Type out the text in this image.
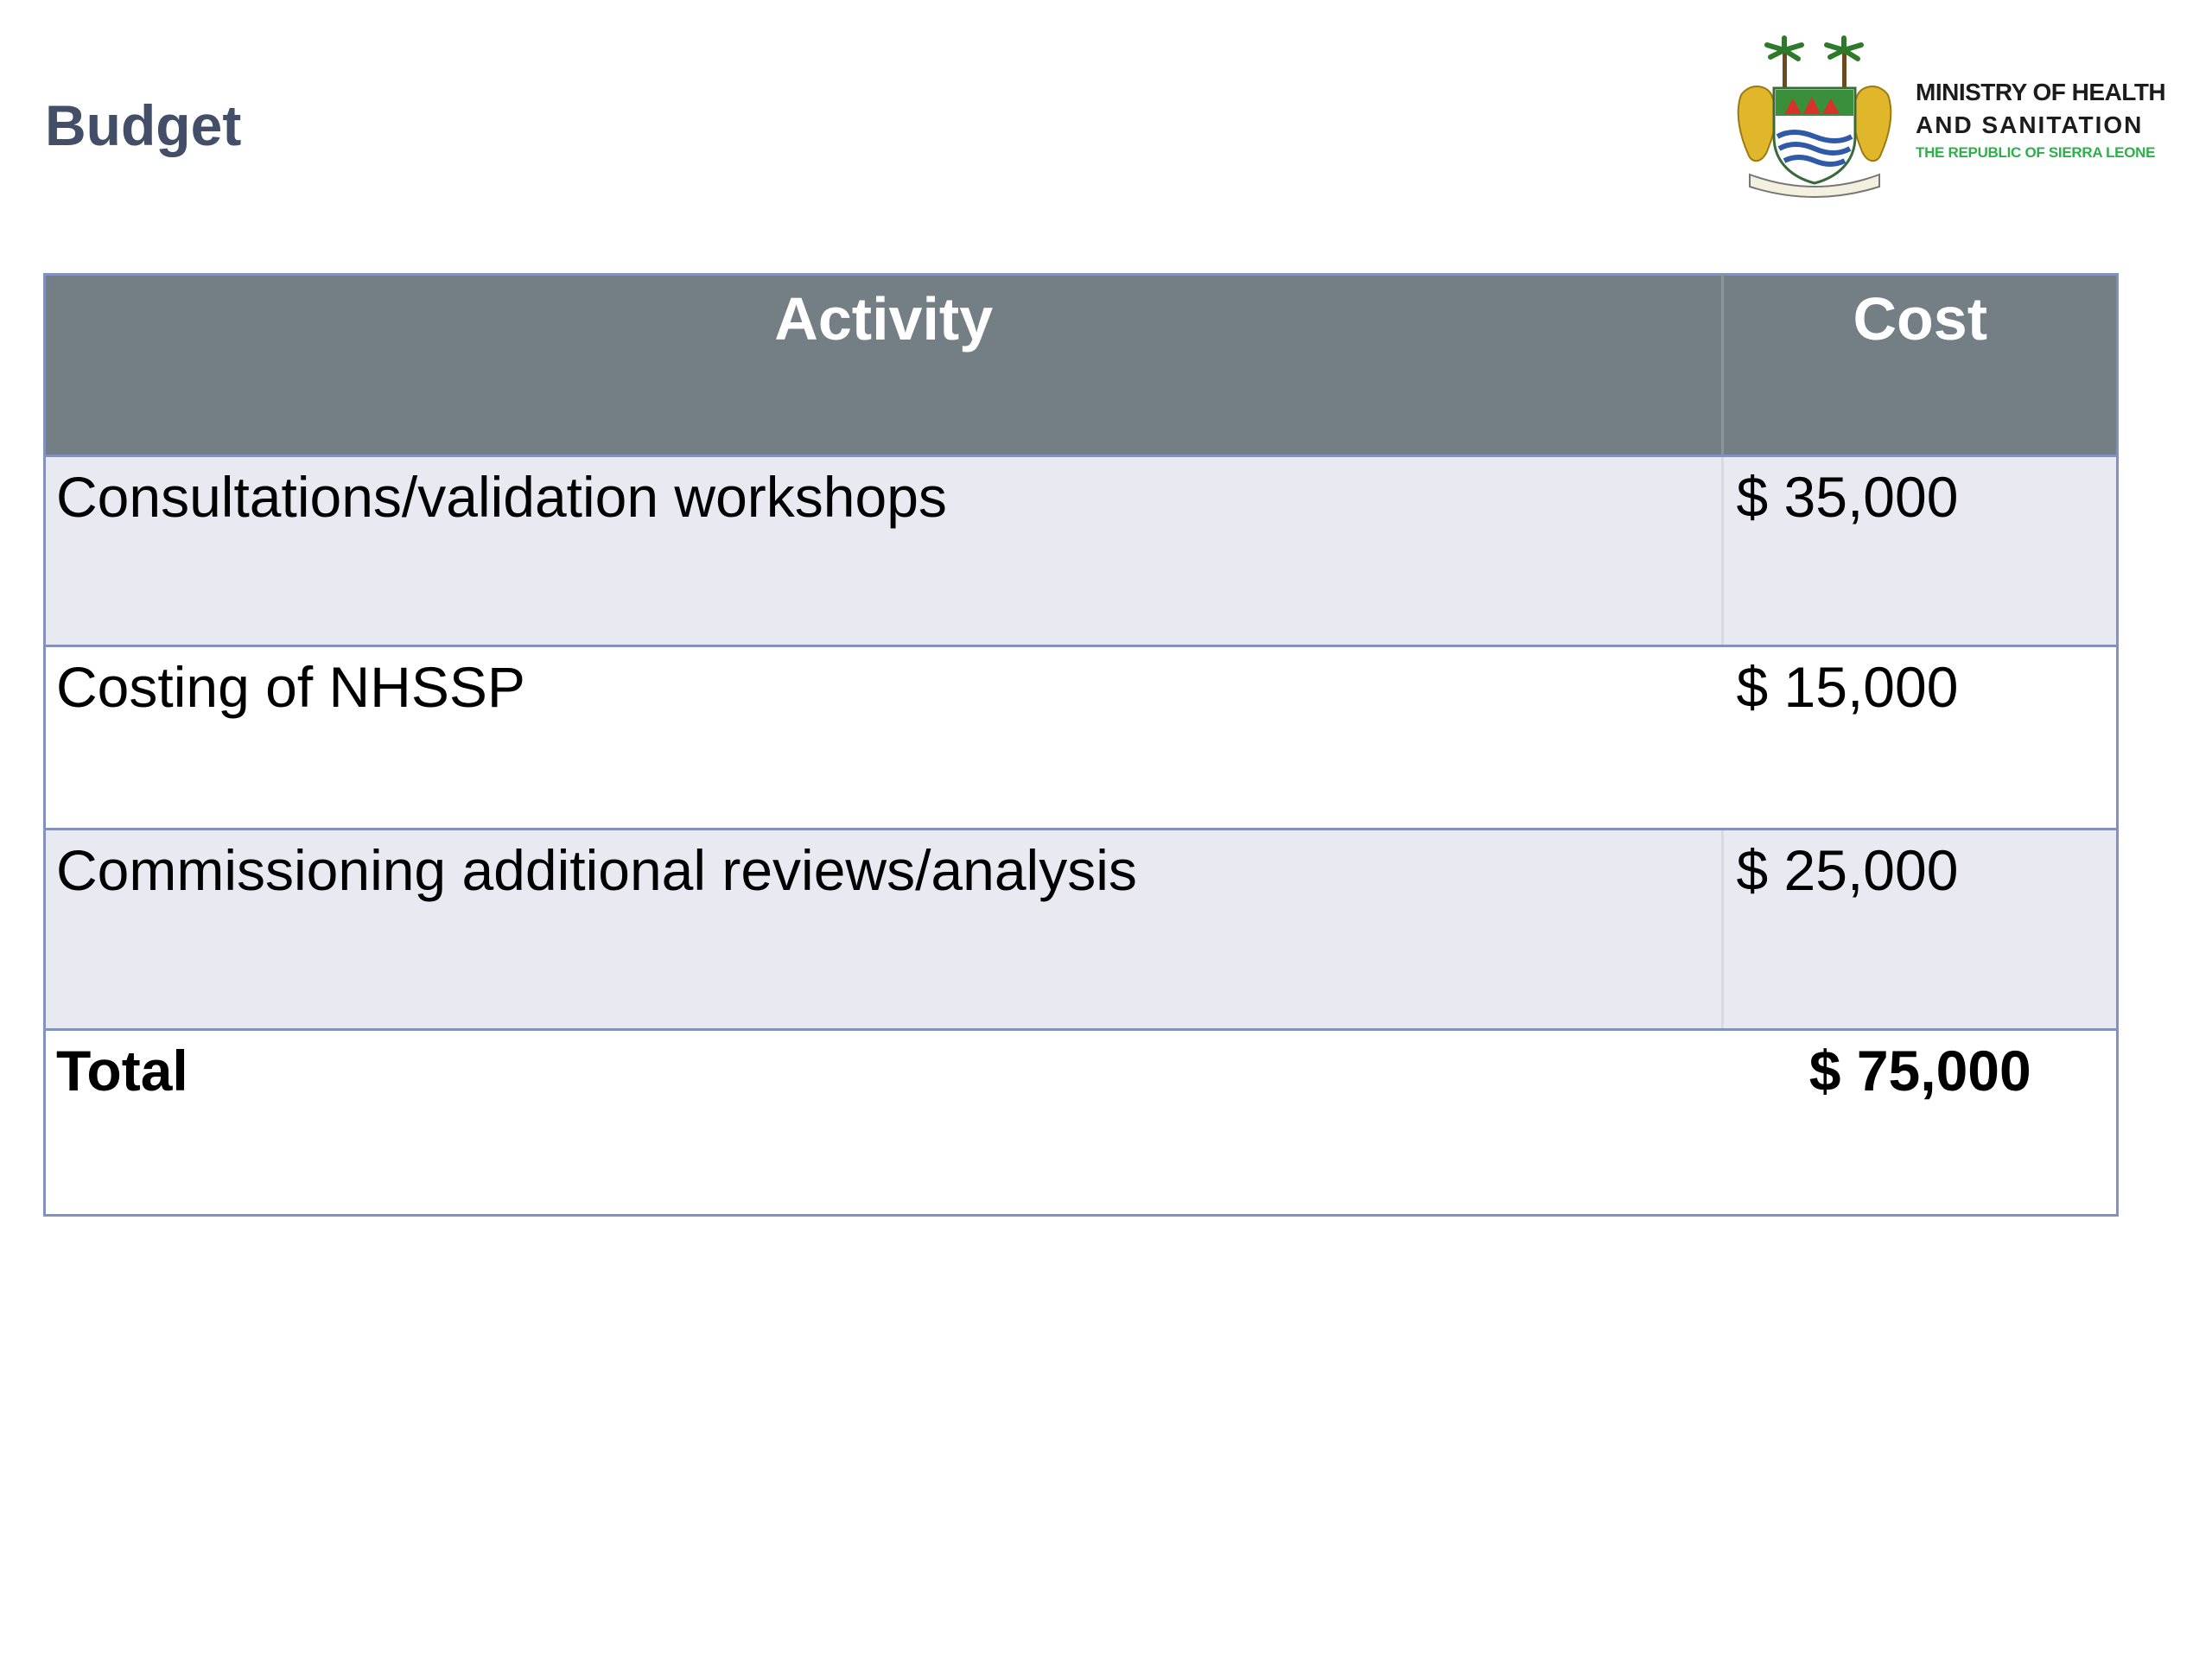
Budget
MINISTRY OF HEALTH
AND SANITATION
THE REPUBLIC OF SIERRA LEONE
Activity	Cost
Consultations/validation workshops	$ 35,000
Costing of NHSSP	$ 15,000
Commissioning additional reviews/analysis	$ 25,000
Total	$ 75,000
